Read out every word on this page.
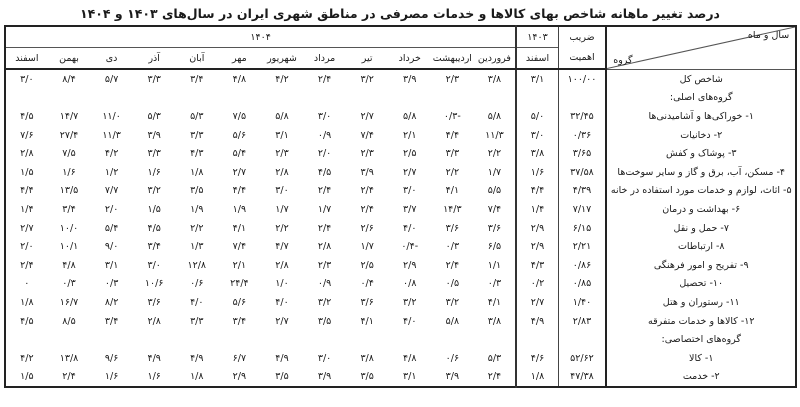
درصد تغییر ماهانه شاخص بهای کالاها و خدمات مصرفی در مناطق شهری ایران در سال‌های ۱۴۰۳ و ۱۴۰۴
سال و ماه
گروه	ضریب	۱۴۰۳	۱۴۰۴											
	اهمیت	اسفند	فروردین	اردیبهشت	خرداد	تیر	مرداد	شهریور	مهر	آبان	آذر	دی	بهمن	اسفند
شاخص کل	۱۰۰/۰۰	۳/۱	۳/۸	۲/۳	۳/۹	۳/۲	۲/۴	۴/۲	۴/۸	۳/۴	۳/۳	۵/۷	۸/۴	۳/۰
گروه‌های اصلی:														
۱- خوراکی‌ها و آشامیدنی‌ها	۳۲/۴۵	۵/۰	۵/۸	-۰/۳	۵/۸	۲/۷	۳/۰	۵/۸	۷/۵	۵/۳	۵/۳	۱۱/۰	۱۴/۷	۴/۵
۲- دخانیات	۰/۳۶	۳/۰	۱۱/۳	۴/۴	۲/۱	۷/۴	۰/۹	۳/۱	۵/۶	۳/۳	۳/۹	۱۱/۳	۲۷/۴	۷/۶
۳- پوشاک و کفش	۳/۶۵	۳/۸	۲/۲	۳/۳	۲/۵	۲/۳	۲/۰	۲/۳	۵/۴	۴/۳	۳/۳	۴/۲	۷/۵	۲/۸
۴- مسکن، آب، برق و گاز و سایر سوخت‌ها	۳۷/۵۸	۱/۶	۱/۷	۲/۲	۲/۷	۳/۹	۴/۵	۲/۸	۲/۷	۱/۸	۱/۶	۱/۲	۱/۶	۱/۵
۵- اثاث، لوازم و خدمات مورد استفاده در خانه	۴/۳۹	۴/۴	۵/۵	۴/۱	۳/۰	۲/۴	۲/۴	۳/۰	۴/۴	۳/۵	۳/۲	۷/۷	۱۳/۵	۴/۴
۶- بهداشت و درمان	۷/۱۷	۱/۴	۷/۴	۱۴/۳	۳/۷	۲/۴	۱/۷	۱/۷	۱/۹	۱/۹	۱/۵	۲/۰	۳/۴	۱/۴
۷- حمل و نقل	۶/۱۵	۲/۹	۳/۶	۳/۶	۴/۰	۲/۶	۲/۴	۲/۲	۴/۱	۲/۲	۴/۵	۵/۴	۱۰/۰	۲/۷
۸- ارتباطات	۲/۲۱	۲/۹	۶/۵	۰/۳	-۰/۴	۱/۷	۲/۸	۴/۷	۷/۴	۱/۳	۳/۴	۹/۰	۱۰/۱	۲/۰
۹- تفریح و امور فرهنگی	۰/۸۶	۴/۳	۱/۱	۲/۴	۲/۹	۲/۵	۲/۳	۲/۸	۲/۱	۱۲/۸	۳/۰	۳/۱	۴/۸	۲/۴
۱۰- تحصیل	۰/۸۵	۰/۲	۰/۳	۰/۵	۰/۸	۰/۴	۰/۹	۱/۰	۲۴/۴	۰/۶	۱۰/۶	۰/۳	۰/۳	۰
۱۱- رستوران و هتل	۱/۴۰	۲/۷	۴/۱	۳/۲	۳/۲	۳/۶	۳/۲	۴/۰	۵/۶	۴/۰	۳/۶	۸/۲	۱۶/۷	۱/۸
۱۲- کالاها و خدمات متفرقه	۲/۸۳	۴/۹	۳/۸	۵/۸	۴/۰	۴/۱	۳/۵	۲/۷	۳/۴	۳/۳	۲/۸	۳/۴	۸/۵	۴/۵
گروه‌های اختصاصی:														
۱- کالا	۵۲/۶۲	۴/۶	۵/۳	۰/۶	۴/۸	۳/۸	۳/۰	۴/۹	۶/۷	۴/۹	۴/۹	۹/۶	۱۳/۸	۴/۲
۲- خدمت	۴۷/۳۸	۱/۸	۲/۴	۳/۹	۳/۱	۳/۵	۳/۹	۳/۵	۲/۹	۱/۸	۱/۶	۱/۶	۲/۴	۱/۵
